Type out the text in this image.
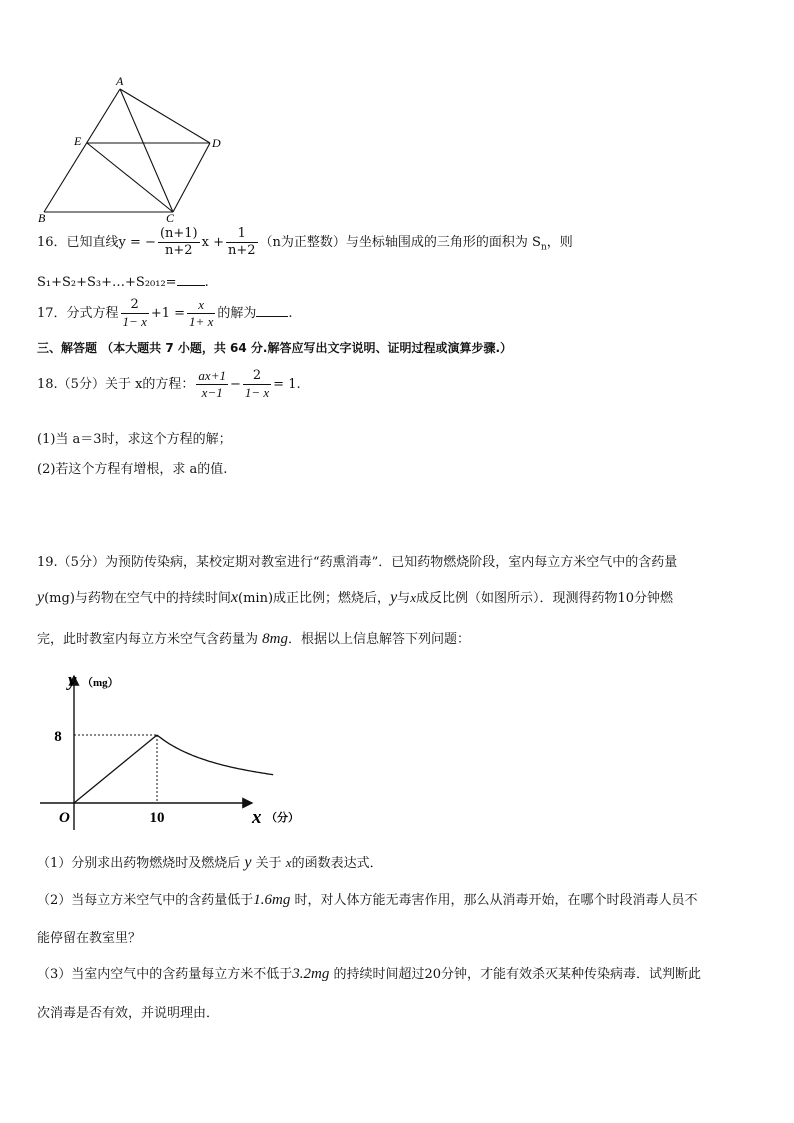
A
E	D
B	C
16．已知直线y = − $\frac{(n+1)}{n+2}$ $x + \frac{1}{n+2} (n$为正整数）与坐标轴围成的三角形的面积为 $S_n$，则
S₁+S₂+S₃+…+S₂₀₁₂= .
17．分式方程 $\frac{2}{1- x} +1 = \frac{x}{1+ x}$ 的解为 .
三、解答题 （本大题共 7 小题，共 64 分.解答应写出文字说明、证明过程或演算步骤.）
18.（5分）关于 x的方程： $\frac{ax+1}{x-1} - \frac{2}{1- x} = 1$.
(1)当 a＝3时，求这个方程的解；
(2)若这个方程有增根，求 a的值.
19.（5分）为预防传染病，某校定期对教室进行“药熏消毒”．已知药物燃烧阶段，室内每立方米空气中的含药量
y(mg)与药物在空气中的持续时间x(min)成正比例；燃烧后，y与x成反比例（如图所示）．现测得药物10分钟燃
完，此时教室内每立方米空气含药量为 8mg．根据以上信息解答下列问题：
y （mg）
x （分）
O	10
8
（1）分别求出药物燃烧时及燃烧后 y 关于 x的函数表达式．
（2）当每立方米空气中的含药量低于1.6mg 时，对人体方能无毒害作用，那么从消毒开始，在哪个时段消毒人员不
能停留在教室里？
（3）当室内空气中的含药量每立方米不低于3.2mg 的持续时间超过20分钟，才能有效杀灭某种传染病毒．试判断此
次消毒是否有效，并说明理由．
